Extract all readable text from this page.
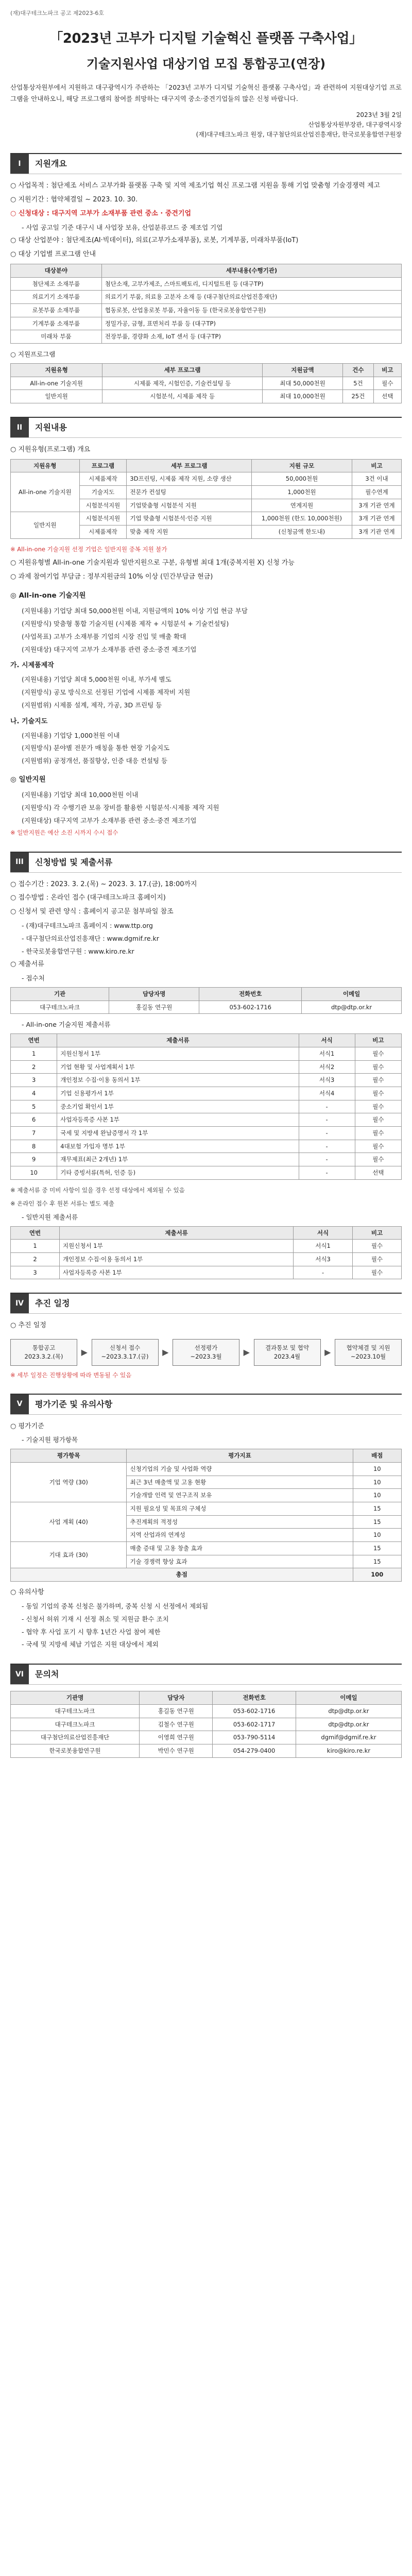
(재)대구테크노파크 공고 제2023-6호
「2023년 고부가 디지털 기술혁신 플랫폼 구축사업」
기술지원사업 대상기업 모집 통합공고(연장)
산업통상자원부에서 지원하고 대구광역시가 주관하는 「2023년 고부가 디지털 기술혁신 플랫폼 구축사업」과 관련하여 지원대상기업 프로그램을 안내하오니, 해당 프로그램의 참여를 희망하는 대구지역 중소·중견기업들의 많은 신청 바랍니다.
2023년 3월 2일
산업통상자원부장관, 대구광역시장
(재)대구테크노파크 원장, 대구첨단의료산업진흥재단, 한국로봇융합연구원장
I	지원개요
○ 사업목적 : 첨단제조 서비스 고부가화 플랫폼 구축 및 지역 제조기업 혁신 프로그램 지원을 통해 기업 맞춤형 기술경쟁력 제고
○ 지원기간 : 협약체결일 ~ 2023. 10. 30.
○ 신청대상 : 대구지역 고부가 소재부품 관련 중소 · 중견기업
- 사업 공고일 기준 대구시 내 사업장 보유, 산업분류코드 중 제조업 기업
○ 대상 산업분야 : 첨단제조(AI·빅데이터), 의료(고부가소재부품), 로봇, 기계부품, 미래차부품(IoT)
○ 대상 기업별 프로그램 안내
대상분야	세부내용(수행기관)
첨단제조 소재부품	첨단소재, 고부가제조, 스마트팩토리, 디지털트윈 등 (대구TP)
의료기기 소재부품	의료기기 부품, 의료용 고분자 소재 등 (대구첨단의료산업진흥재단)
로봇부품 소재부품	협동로봇, 산업용로봇 부품, 자율이동 등 (한국로봇융합연구원)
기계부품 소재부품	정밀가공, 금형, 표면처리 부품 등 (대구TP)
미래차 부품	전장부품, 경량화 소재, IoT 센서 등 (대구TP)
○ 지원프로그램
지원유형	세부 프로그램	지원금액	건수	비고
All-in-one 기술지원	시제품 제작, 시험인증, 기술컨설팅 등	최대 50,000천원	5건	필수
일반지원	시험분석, 시제품 제작 등	최대 10,000천원	25건	선택
II	지원내용
○ 지원유형(프로그램) 개요
지원유형	프로그램	세부 프로그램	지원 규모	비고
All-in-one 기술지원	시제품제작	3D프린팅, 시제품 제작 지원, 소량 생산	50,000천원	3건 이내
	기술지도	전문가 컨설팅	1,000천원	필수연계
	시험분석지원	기업맞춤형 시험분석 지원	연계지원	3개 기관 연계
일반지원	시험분석지원	기업 맞춤형 시험분석·인증 지원	1,000천원 (한도 10,000천원)	3개 기관 연계
	시제품제작	맞춤 제작 지원	(신청금액 한도내)	3개 기관 연계
※ All-in-one 기술지원 선정 기업은 일반지원 중복 지원 불가
○ 지원유형별 All-in-one 기술지원과 일반지원으로 구분, 유형별 최대 1개(중복지원 X) 신청 가능
○ 과제 참여기업 부담금 : 정부지원금의 10% 이상 (민간부담금 현금)
◎ All-in-one 기술지원
(지원내용) 기업당 최대 50,000천원 이내, 지원금액의 10% 이상 기업 현금 부담
(지원방식) 맞춤형 통합 기술지원 (시제품 제작 + 시험분석 + 기술컨설팅)
(사업목표) 고부가 소재부품 기업의 시장 진입 및 매출 확대
(지원대상) 대구지역 고부가 소재부품 관련 중소·중견 제조기업
가. 시제품제작
(지원내용) 기업당 최대 5,000천원 이내, 부가세 별도
(지원방식) 공모 방식으로 선정된 기업에 시제품 제작비 지원
(지원범위) 시제품 설계, 제작, 가공, 3D 프린팅 등
나. 기술지도
(지원내용) 기업당 1,000천원 이내
(지원방식) 분야별 전문가 매칭을 통한 현장 기술지도
(지원범위) 공정개선, 품질향상, 인증 대응 컨설팅 등
◎ 일반지원
(지원내용) 기업당 최대 10,000천원 이내
(지원방식) 각 수행기관 보유 장비를 활용한 시험분석·시제품 제작 지원
(지원대상) 대구지역 고부가 소재부품 관련 중소·중견 제조기업
※ 일반지원은 예산 소진 시까지 수시 접수
III	신청방법 및 제출서류
○ 접수기간 : 2023. 3. 2.(목) ~ 2023. 3. 17.(금), 18:00까지
○ 접수방법 : 온라인 접수 (대구테크노파크 홈페이지)
○ 신청서 및 관련 양식 : 홈페이지 공고문 첨부파일 참조
- (재)대구테크노파크 홈페이지 : www.ttp.org
- 대구첨단의료산업진흥재단 : www.dgmif.re.kr
- 한국로봇융합연구원 : www.kiro.re.kr
○ 제출서류
- 접수처
기관	담당자명	전화번호	이메일
대구테크노파크	홍길동 연구원	053-602-1716	dtp@dtp.or.kr
- All-in-one 기술지원 제출서류
연번	제출서류	서식	비고
1	지원신청서 1부	서식1	필수
2	기업 현황 및 사업계획서 1부	서식2	필수
3	개인정보 수집·이용 동의서 1부	서식3	필수
4	기업 신용평가서 1부	서식4	필수
5	중소기업 확인서 1부	-	필수
6	사업자등록증 사본 1부	-	필수
7	국세 및 지방세 완납증명서 각 1부	-	필수
8	4대보험 가입자 명부 1부	-	필수
9	재무제표(최근 2개년) 1부	-	필수
10	기타 증빙서류(특허, 인증 등)	-	선택
※ 제출서류 중 미비 사항이 있을 경우 선정 대상에서 제외될 수 있음
※ 온라인 접수 후 원본 서류는 별도 제출
- 일반지원 제출서류
연번	제출서류	서식	비고
1	지원신청서 1부	서식1	필수
2	개인정보 수집·이용 동의서 1부	서식3	필수
3	사업자등록증 사본 1부	-	필수
IV	추진 일정
○ 추진 일정
통합공고
2023.3.2.(목)	▶	신청서 접수
~2023.3.17.(금)	▶	선정평가
~2023.3월	▶	결과통보 및 협약
2023.4월	▶	협약체결 및 지원
~2023.10월
※ 세부 일정은 진행상황에 따라 변동될 수 있음
V	평가기준 및 유의사항
○ 평가기준
- 기술지원 평가항목
평가항목	평가지표	배점
기업 역량 (30)	신청기업의 기술 및 사업화 역량	10
	최근 3년 매출액 및 고용 현황	10
	기술개발 인력 및 연구조직 보유	10
사업 계획 (40)	지원 필요성 및 목표의 구체성	15
	추진계획의 적정성	15
	지역 산업과의 연계성	10
기대 효과 (30)	매출 증대 및 고용 창출 효과	15
	기술 경쟁력 향상 효과	15
총점		100
○ 유의사항
- 동일 기업의 중복 신청은 불가하며, 중복 신청 시 선정에서 제외됨
- 신청서 허위 기재 시 선정 취소 및 지원금 환수 조치
- 협약 후 사업 포기 시 향후 1년간 사업 참여 제한
- 국세 및 지방세 체납 기업은 지원 대상에서 제외
VI	문의처
기관명	담당자	전화번호	이메일
대구테크노파크	홍길동 연구원	053-602-1716	dtp@dtp.or.kr
대구테크노파크	김철수 연구원	053-602-1717	dtp@dtp.or.kr
대구첨단의료산업진흥재단	이영희 연구원	053-790-5114	dgmif@dgmif.re.kr
한국로봇융합연구원	박민수 연구원	054-279-0400	kiro@kiro.re.kr
